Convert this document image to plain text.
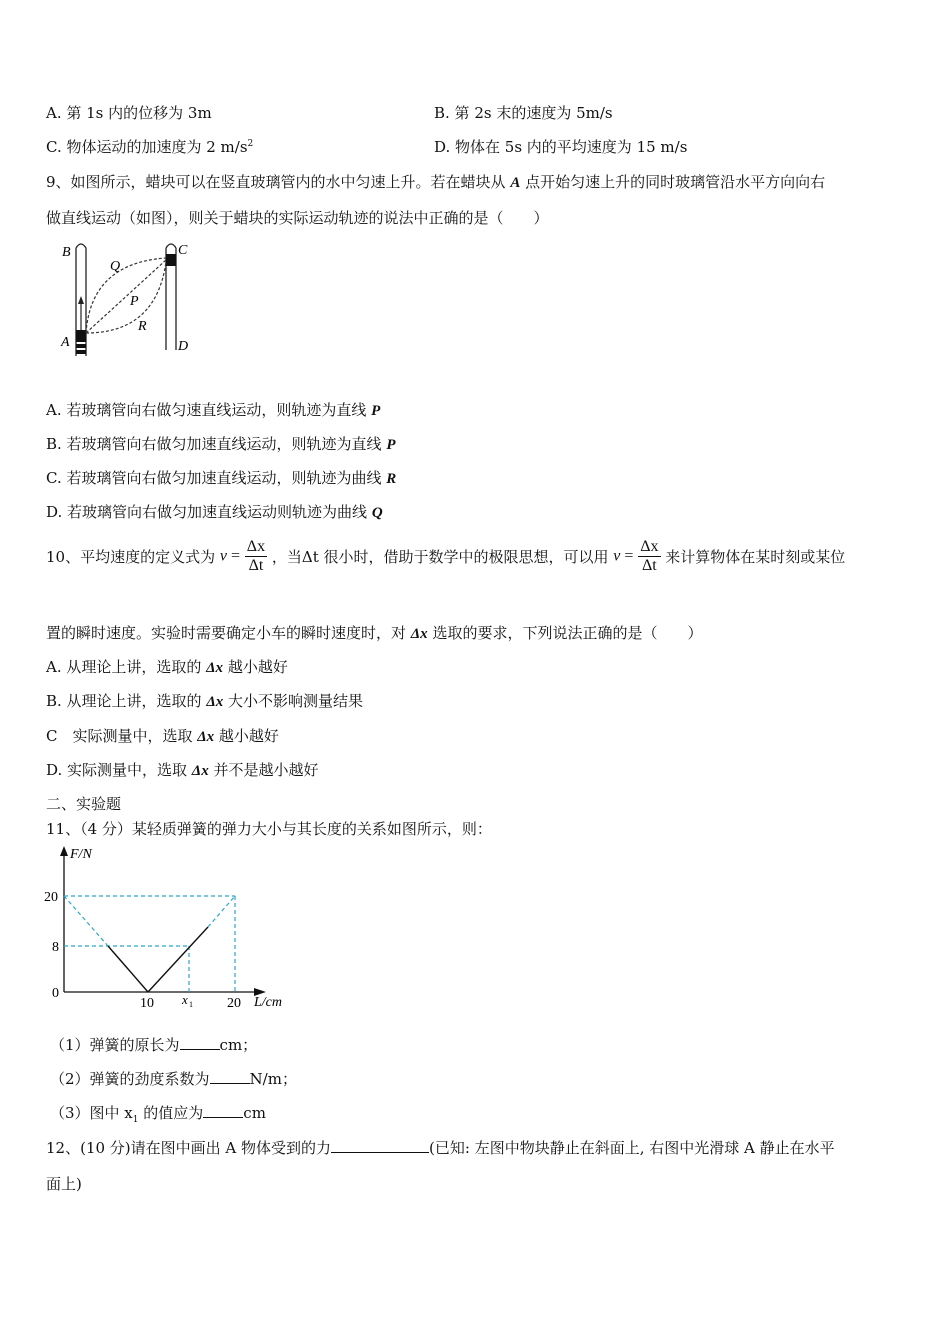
A. 第 1s 内的位移为 3m	B. 第 2s 末的速度为 5m/s
C. 物体运动的加速度为 2 $m/s^2$	D. 物体在 5s 内的平均速度为 15 m/s
9、如图所示，蜡块可以在竖直玻璃管内的水中匀速上升。若在蜡块从 A 点开始匀速上升的同时玻璃管沿水平方向向右
做直线运动（如图），则关于蜡块的实际运动轨迹的说法中正确的是（　　）
B	C
A	D
Q
P
R
A. 若玻璃管向右做匀速直线运动，则轨迹为直线 P
B. 若玻璃管向右做匀加速直线运动，则轨迹为直线 P
C. 若玻璃管向右做匀加速直线运动，则轨迹为曲线 R
D. 若玻璃管向右做匀加速直线运动则轨迹为曲线 Q
10、平均速度的定义式为 $v = \frac{\Delta x}{\Delta t}$ ，当Δt 很小时，借助于数学中的极限思想，可以用 $v = \frac{\Delta x}{\Delta t}$ 来计算物体在某时刻或某位
置的瞬时速度。实验时需要确定小车的瞬时速度时，对 Δx 选取的要求，下列说法正确的是（　　）
A. 从理论上讲，选取的 Δx 越小越好
B. 从理论上讲，选取的 Δx 大小不影响测量结果
C　实际测量中，选取 Δx 越小越好
D. 实际测量中，选取 Δx 并不是越小越好
二、实验题
11、（4 分）某轻质弹簧的弹力大小与其长度的关系如图所示，则：
F/N
L/cm
20
8
0
10 x 1 20
（1）弹簧的原长为	cm；
（2）弹簧的劲度系数为	N/m；
（3）图中 $x_1$ 的值应为	cm
12、(10 分)请在图中画出 A 物体受到的力	(已知: 左图中物块静止在斜面上, 右图中光滑球 A 静止在水平
面上)
